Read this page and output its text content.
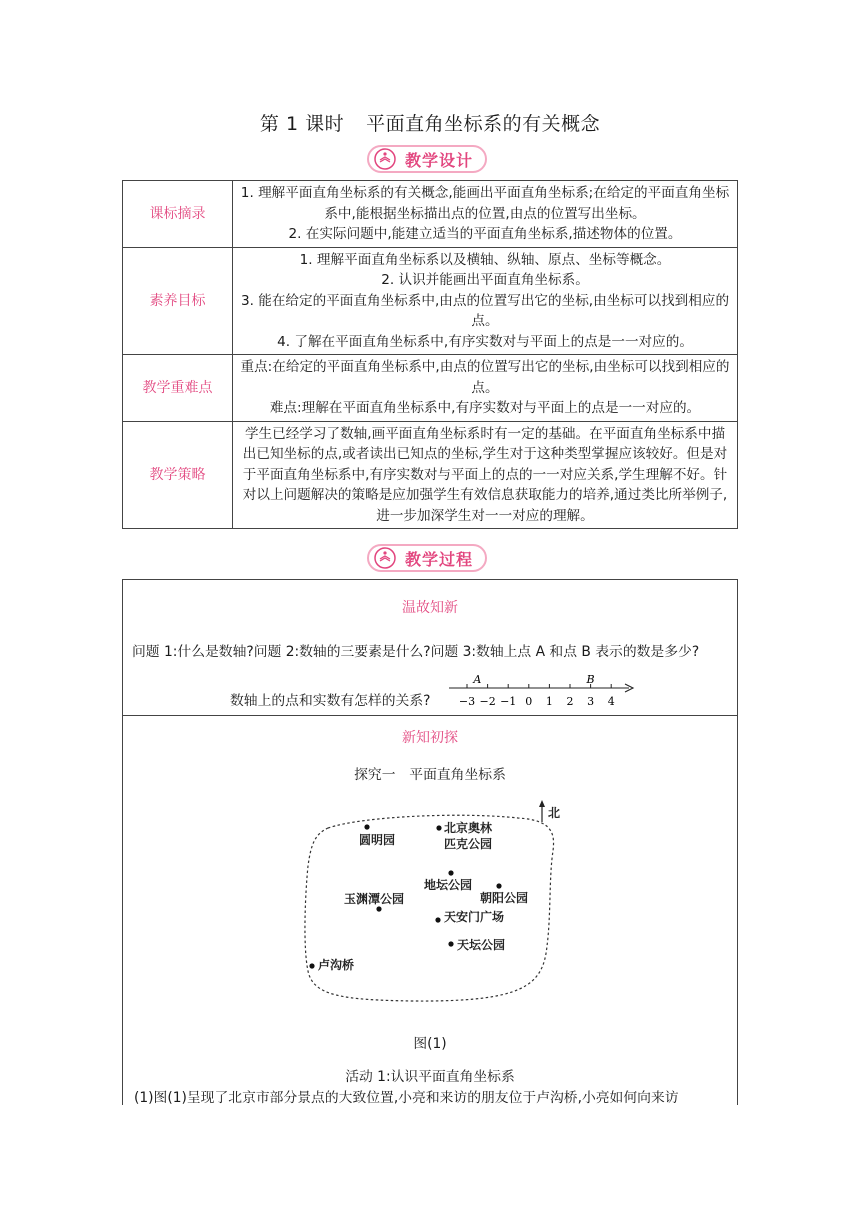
第 1 课时 平面直角坐标系的有关概念
教学设计
课标摘录	1. 理解平面直角坐标系的有关概念,能画出平面直角坐标系;在给定的平面直角坐标系中,能根据坐标描出点的位置,由点的位置写出坐标。
2. 在实际问题中,能建立适当的平面直角坐标系,描述物体的位置。

素养目标	1. 理解平面直角坐标系以及横轴、纵轴、原点、坐标等概念。
2. 认识并能画出平面直角坐标系。
3. 能在给定的平面直角坐标系中,由点的位置写出它的坐标,由坐标可以找到相应的点。
4. 了解在平面直角坐标系中,有序实数对与平面上的点是一一对应的。

教学重难点	重点:在给定的平面直角坐标系中,由点的位置写出它的坐标,由坐标可以找到相应的点。
难点:理解在平面直角坐标系中,有序实数对与平面上的点是一一对应的。

教学策略	学生已经学习了数轴,画平面直角坐标系时有一定的基础。在平面直角坐标系中描出已知坐标的点,或者读出已知点的坐标,学生对于这种类型掌握应该较好。但是对于平面直角坐标系中,有序实数对与平面上的点的一一对应关系,学生理解不好。针对以上问题解决的策略是应加强学生有效信息获取能力的培养,通过类比所举例子,进一步加深学生对一一对应的理解。
教学过程
温故知新
问题 1:什么是数轴?问题 2:数轴的三要素是什么?问题 3:数轴上点 A 和点 B 表示的数是多少?
数轴上的点和实数有怎样的关系?	−3 −2 −1 0 1 2 3 4
A	B
新知初探
探究一　平面直角坐标系
北
圆明园
北京奥林
匹克公园
地坛公园
朝阳公园
玉渊潭公园
天安门广场
天坛公园
卢沟桥
图(1)
活动 1:认识平面直角坐标系
(1)图(1)呈现了北京市部分景点的大致位置,小亮和来访的朋友位于卢沟桥,小亮如何向来访
